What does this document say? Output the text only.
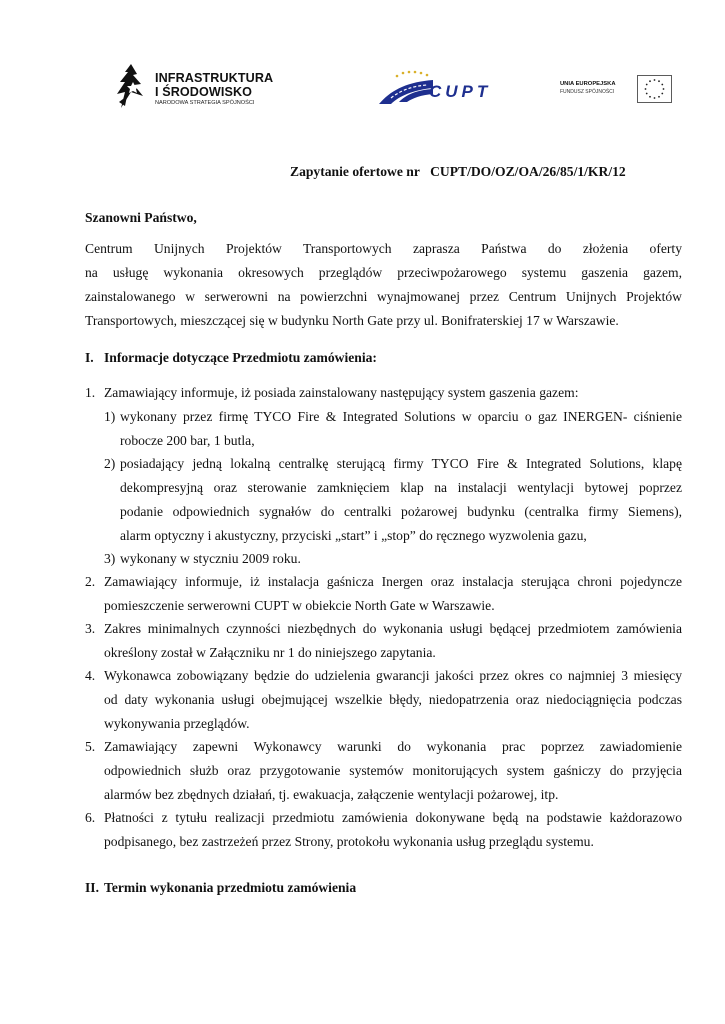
INFRASTRUKTURA
I ŚRODOWISKO
NARODOWA STRATEGIA SPÓJNOŚCI
CUPT	UNIA EUROPEJSKA
FUNDUSZ SPÓJNOŚCI
Zapytanie ofertowe nr CUPT/DO/OZ/OA/26/85/1/KR/12
Szanowni Państwo,
Centrum Unijnych Projektów Transportowych zaprasza Państwa do złożenia oferty
na usługę wykonania okresowych przeglądów przeciwpożarowego systemu gaszenia gazem,
zainstalowanego w serwerowni na powierzchni wynajmowanej przez Centrum Unijnych Projektów
Transportowych, mieszczącej się w budynku North Gate przy ul. Bonifraterskiej 17 w Warszawie.
I. Informacje dotyczące Przedmiotu zamówienia:
1. Zamawiający informuje, iż posiada zainstalowany następujący system gaszenia gazem:
1) wykonany przez firmę TYCO Fire & Integrated Solutions w oparciu o gaz INERGEN- ciśnienie
robocze 200 bar, 1 butla,
2) posiadający jedną lokalną centralkę sterującą firmy TYCO Fire & Integrated Solutions, klapę
dekompresyjną oraz sterowanie zamknięciem klap na instalacji wentylacji bytowej poprzez
podanie odpowiednich sygnałów do centralki pożarowej budynku (centralka firmy Siemens),
alarm optyczny i akustyczny, przyciski „start” i „stop” do ręcznego wyzwolenia gazu,
3) wykonany w styczniu 2009 roku.
2. Zamawiający informuje, iż instalacja gaśnicza Inergen oraz instalacja sterująca chroni pojedyncze
pomieszczenie serwerowni CUPT w obiekcie North Gate w Warszawie.
3. Zakres minimalnych czynności niezbędnych do wykonania usługi będącej przedmiotem zamówienia
określony został w Załączniku nr 1 do niniejszego zapytania.
4. Wykonawca zobowiązany będzie do udzielenia gwarancji jakości przez okres co najmniej 3 miesięcy
od daty wykonania usługi obejmującej wszelkie błędy, niedopatrzenia oraz niedociągnięcia podczas
wykonywania przeglądów.
5. Zamawiający zapewni Wykonawcy warunki do wykonania prac poprzez zawiadomienie
odpowiednich służb oraz przygotowanie systemów monitorujących system gaśniczy do przyjęcia
alarmów bez zbędnych działań, tj. ewakuacja, załączenie wentylacji pożarowej, itp.
6. Płatności z tytułu realizacji przedmiotu zamówienia dokonywane będą na podstawie każdorazowo
podpisanego, bez zastrzeżeń przez Strony, protokołu wykonania usług przeglądu systemu.
II. Termin wykonania przedmiotu zamówienia
